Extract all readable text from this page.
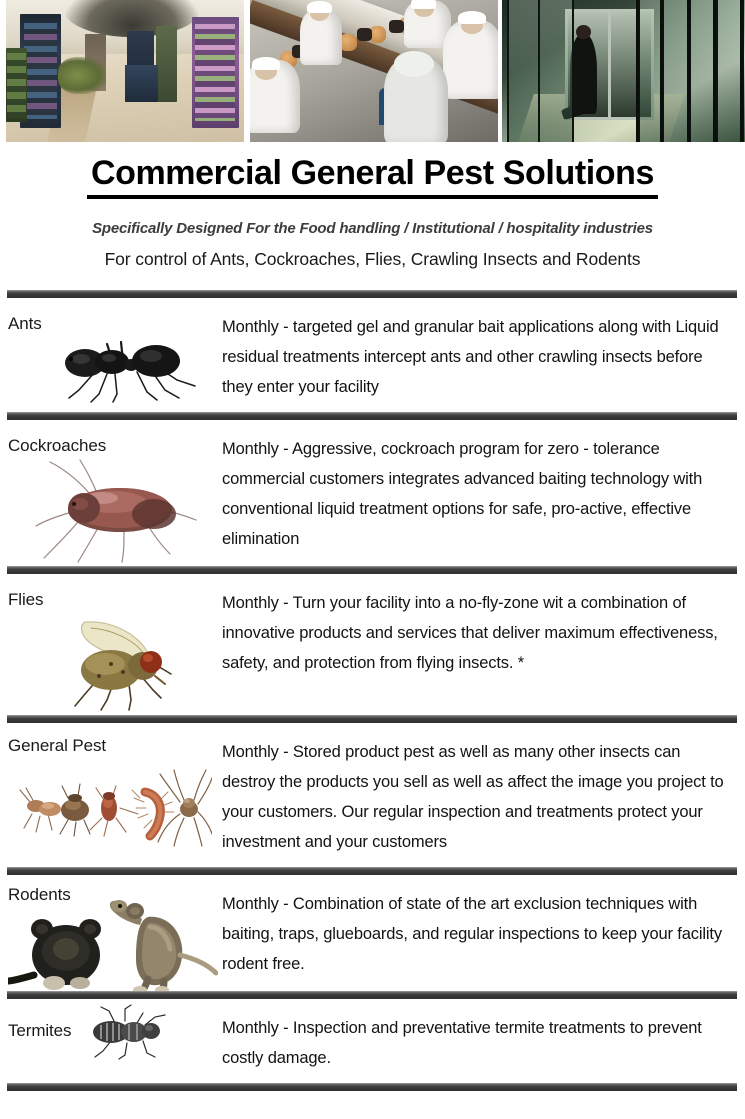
Commercial General Pest Solutions
Specifically Designed For the Food handling / Institutional / hospitality industries
For control of Ants, Cockroaches, Flies, Crawling Insects and Rodents
Ants	Monthly - targeted gel and granular bait applications along with Liquid residual treatments intercept ants and other crawling insects before they enter your facility
Cockroaches	Monthly - Aggressive, cockroach program for zero - tolerance commercial customers integrates advanced baiting technology with conventional liquid treatment options for safe, pro-active, effective elimination
Flies	Monthly - Turn your facility into a no-fly-zone wit a combination of innovative products and services that deliver maximum effectiveness, safety, and protection from flying insects. *
General Pest	Monthly - Stored product pest as well as many other insects can destroy the products you sell as well as affect the image you project to your customers. Our regular inspection and treatments protect your investment and your customers
Rodents	Monthly - Combination of state of the art exclusion techniques with baiting, traps, glueboards, and regular inspections to keep your facility rodent free.
Termites	Monthly - Inspection and preventative termite treatments to prevent costly damage.
